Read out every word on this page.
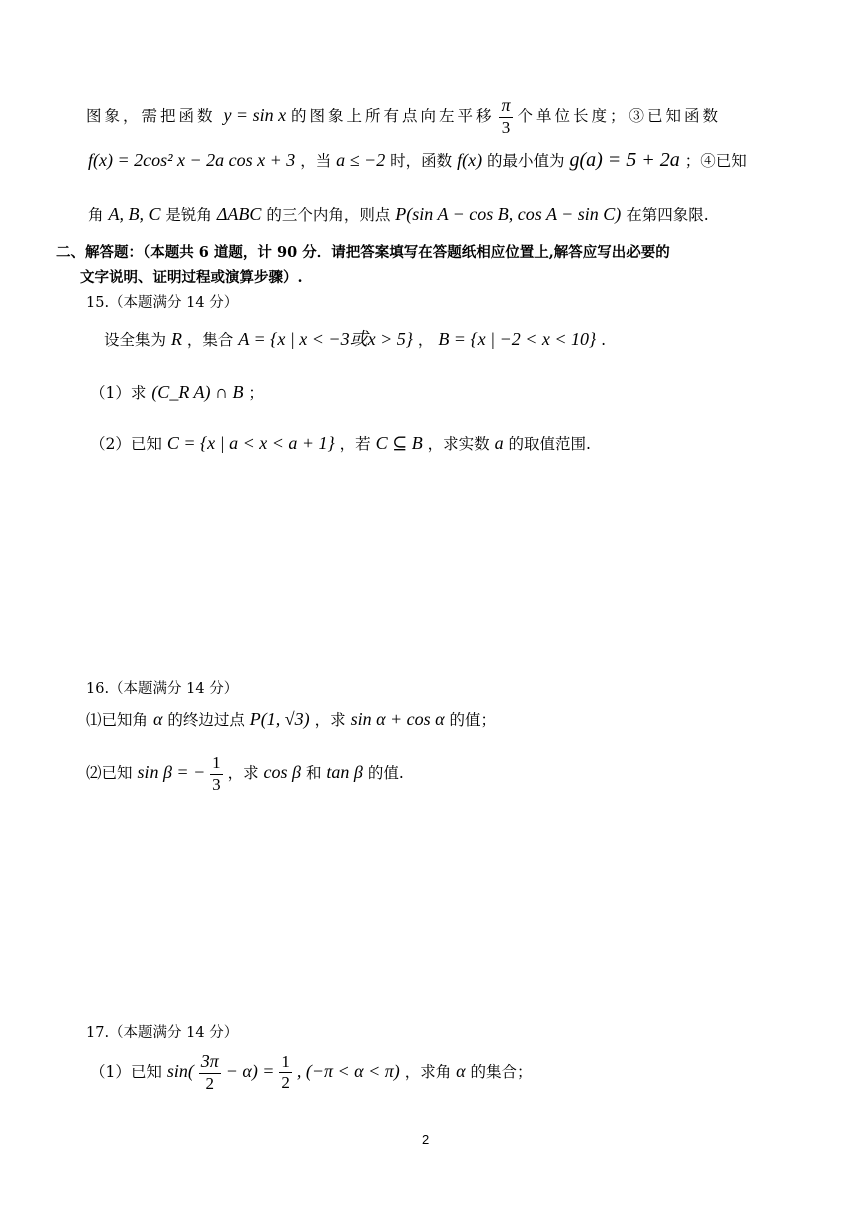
图象，需把函数 y = sin x 的图象上所有点向左平移 $\frac{\pi}{3}$ 个单位长度；③已知函数
f(x) = 2cos² x − 2a cos x + 3 ，当 a ≤ −2 时，函数 f(x) 的最小值为 g(a) = 5 + 2a ；④已知
角 A, B, C 是锐角 ΔABC 的三个内角，则点 P(sin A − cos B, cos A − sin C) 在第四象限.
二、解答题：（本题共 6 道题，计 90 分．请把答案填写在答题纸相应位置上,解答应写出必要的
文字说明、证明过程或演算步骤）.
15.（本题满分 14 分）
设全集为 R ，集合 A = {x | x < −3或x > 5} ， B = {x | −2 < x < 10} .
（1）求 (C_R A) ∩ B ；
（2）已知 C = {x | a < x < a + 1} ，若 C ⊆ B ，求实数 a 的取值范围.
16.（本题满分 14 分）
⑴已知角 α 的终边过点 P(1, √3) ，求 sin α + cos α 的值；
⑵已知 sin β = − $\frac{1}{3}$ ，求 cos β 和 tan β 的值.
17.（本题满分 14 分）
（1）已知 $\sin( \frac{3\pi}{2} - \alpha) = \frac{1}{2}$ , (−π < α < π) ，求角 α 的集合；
2
